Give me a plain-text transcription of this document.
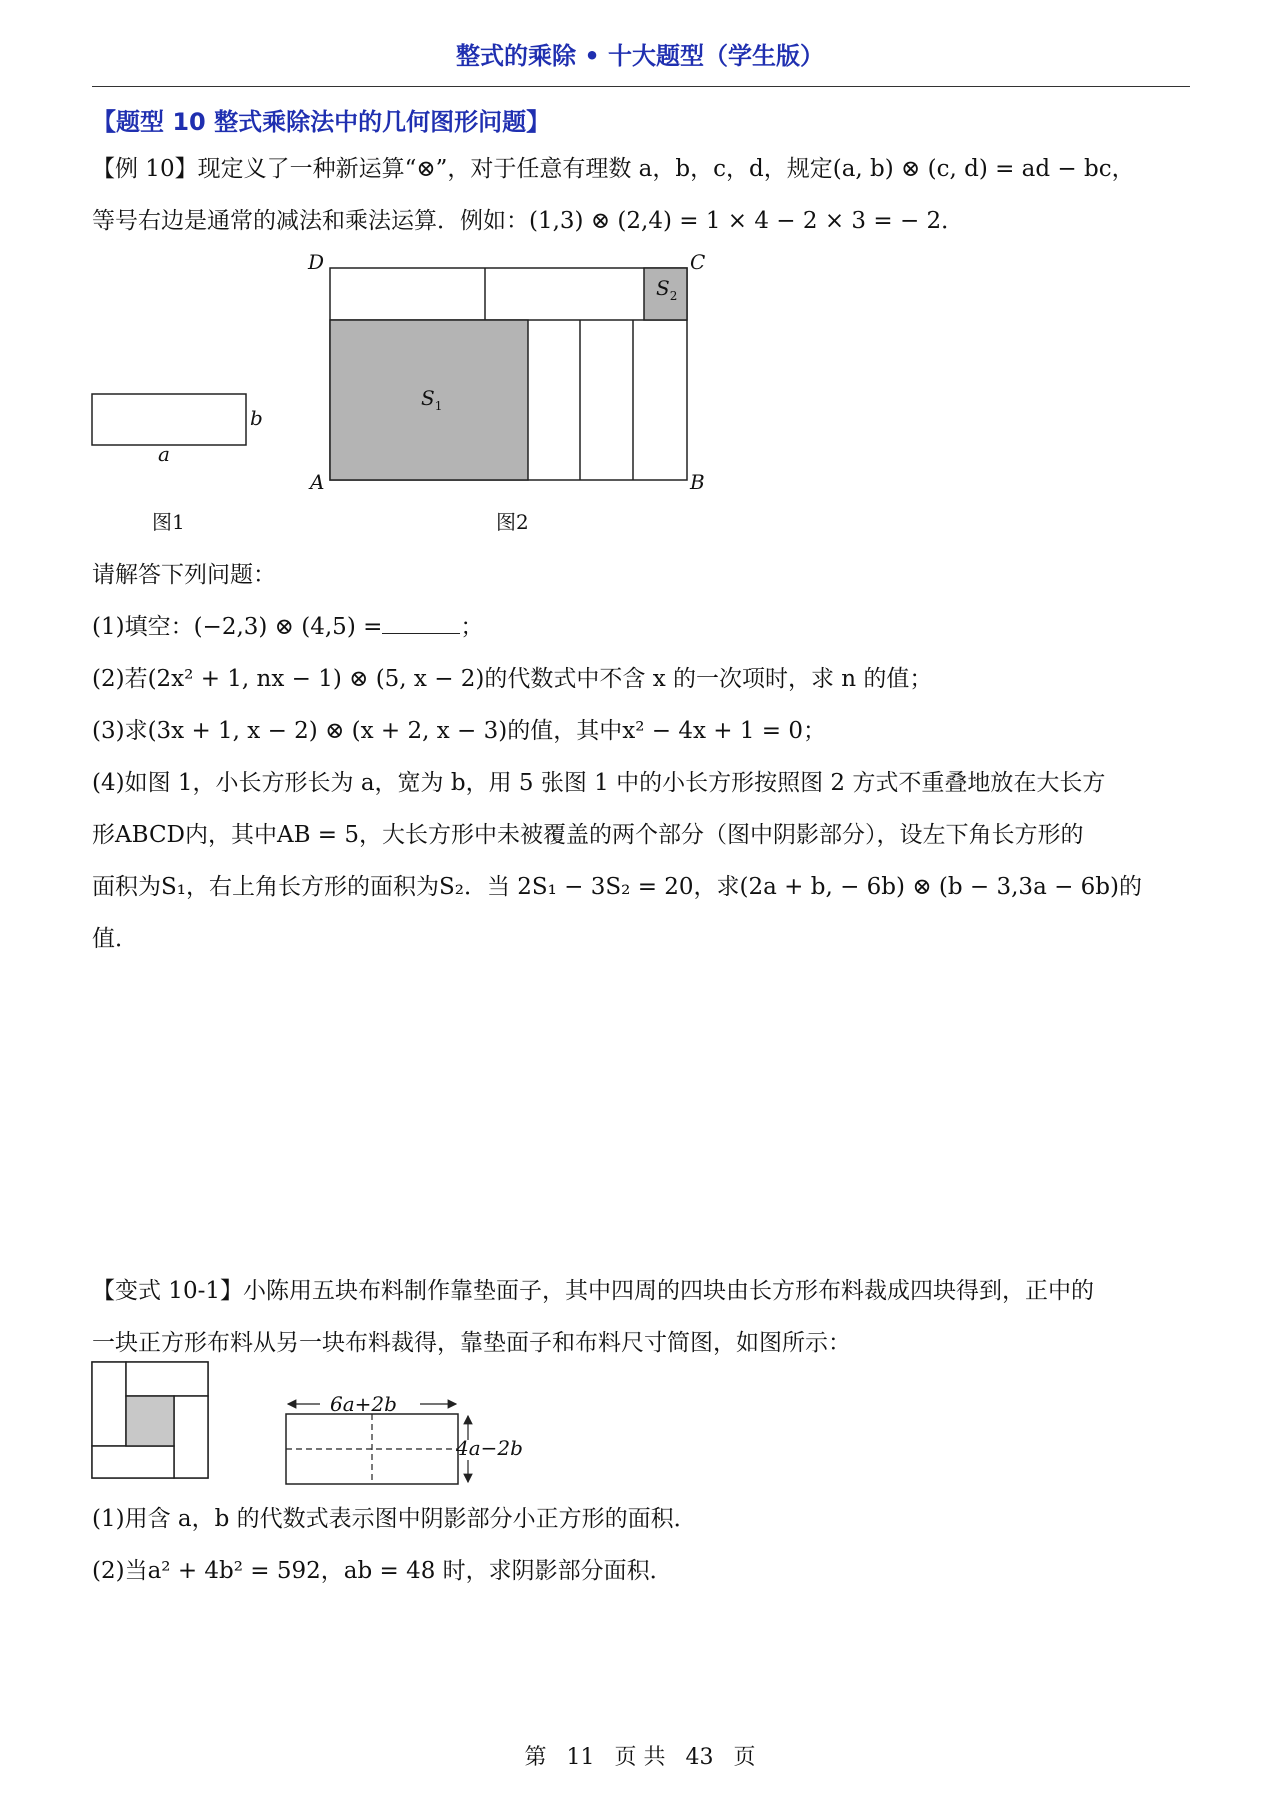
整式的乘除 • 十大题型（学生版）
【题型 10 整式乘除法中的几何图形问题】
【例 10】现定义了一种新运算“⊗”，对于任意有理数 a，b，c，d，规定(a, b) ⊗ (c, d) = ad − bc，
等号右边是通常的减法和乘法运算．例如：(1,3) ⊗ (2,4) = 1 × 4 − 2 × 3 = − 2．
b
a
图1
D	C
A	B
$S_1$
$S_2$
图2
请解答下列问题：
(1)填空：(−2,3) ⊗ (4,5) =	；
(2)若(2x² + 1, nx − 1) ⊗ (5, x − 2)的代数式中不含 x 的一次项时，求 n 的值；
(3)求(3x + 1, x − 2) ⊗ (x + 2, x − 3)的值，其中x² − 4x + 1 = 0；
(4)如图 1，小长方形长为 a，宽为 b，用 5 张图 1 中的小长方形按照图 2 方式不重叠地放在大长方
形ABCD内，其中AB = 5，大长方形中未被覆盖的两个部分（图中阴影部分），设左下角长方形的
面积为S₁，右上角长方形的面积为S₂．当 2S₁ − 3S₂ = 20，求(2a + b, − 6b) ⊗ (b − 3,3a − 6b)的
值．
【变式 10-1】小陈用五块布料制作靠垫面子，其中四周的四块由长方形布料裁成四块得到，正中的
一块正方形布料从另一块布料裁得，靠垫面子和布料尺寸简图，如图所示：
6a+2b
4a−2b
(1)用含 a，b 的代数式表示图中阴影部分小正方形的面积．
(2)当a² + 4b² = 592，ab = 48 时，求阴影部分面积．
第 11 页 共 43 页
